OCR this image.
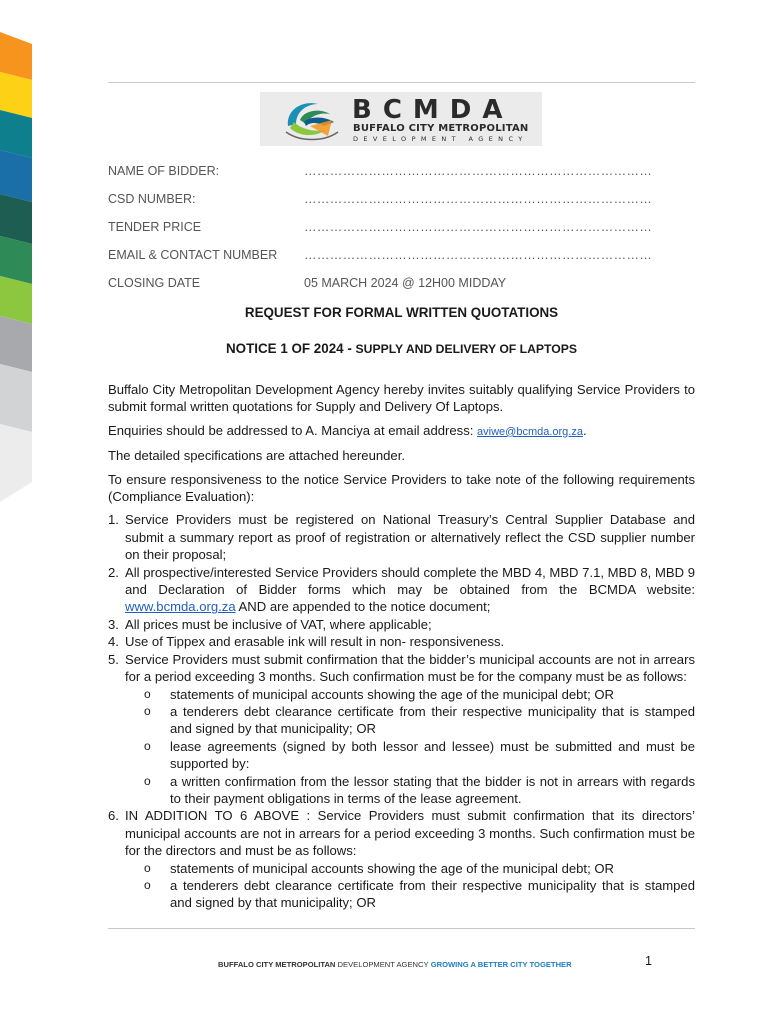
BCMDA
BUFFALO CITY METROPOLITAN
DEVELOPMENT AGENCY
NAME OF BIDDER:	………………………………………………………………………
CSD NUMBER:	………………………………………………………………………
TENDER PRICE	………………………………………………………………………
EMAIL & CONTACT NUMBER ………………………………………………………………………
CLOSING DATE	05 MARCH 2024 @ 12H00 MIDDAY
REQUEST FOR FORMAL WRITTEN QUOTATIONS
NOTICE 1 OF 2024 - SUPPLY AND DELIVERY OF LAPTOPS

Buffalo City Metropolitan Development Agency hereby invites suitably qualifying Service Providers to submit formal written quotations for Supply and Delivery Of Laptops.

Enquiries should be addressed to A. Manciya at email address: aviwe@bcmda.org.za.

The detailed specifications are attached hereunder.

To ensure responsiveness to the notice Service Providers to take note of the following requirements (Compliance Evaluation):

1. Service Providers must be registered on National Treasury’s Central Supplier Database and submit a summary report as proof of registration or alternatively reflect the CSD supplier number on their proposal;
2. All prospective/interested Service Providers should complete the MBD 4, MBD 7.1, MBD 8, MBD 9 and Declaration of Bidder forms which may be obtained from the BCMDA website: www.bcmda.org.za AND are appended to the notice document;
3. All prices must be inclusive of VAT, where applicable;
4. Use of Tippex and erasable ink will result in non- responsiveness.
5. Service Providers must submit confirmation that the bidder’s municipal accounts are not in arrears for a period exceeding 3 months. Such confirmation must be for the company must be as follows:
o statements of municipal accounts showing the age of the municipal debt; OR
o a tenderers debt clearance certificate from their respective municipality that is stamped and signed by that municipality; OR
o lease agreements (signed by both lessor and lessee) must be submitted and must be supported by:
o a written confirmation from the lessor stating that the bidder is not in arrears with regards to their payment obligations in terms of the lease agreement.
6. IN ADDITION TO 6 ABOVE : Service Providers must submit confirmation that its directors’ municipal accounts are not in arrears for a period exceeding 3 months. Such confirmation must be for the directors and must be as follows:
o statements of municipal accounts showing the age of the municipal debt; OR
o a tenderers debt clearance certificate from their respective municipality that is stamped and signed by that municipality; OR
BUFFALO CITY METROPOLITAN DEVELOPMENT AGENCY GROWING A BETTER CITY TOGETHER	1
